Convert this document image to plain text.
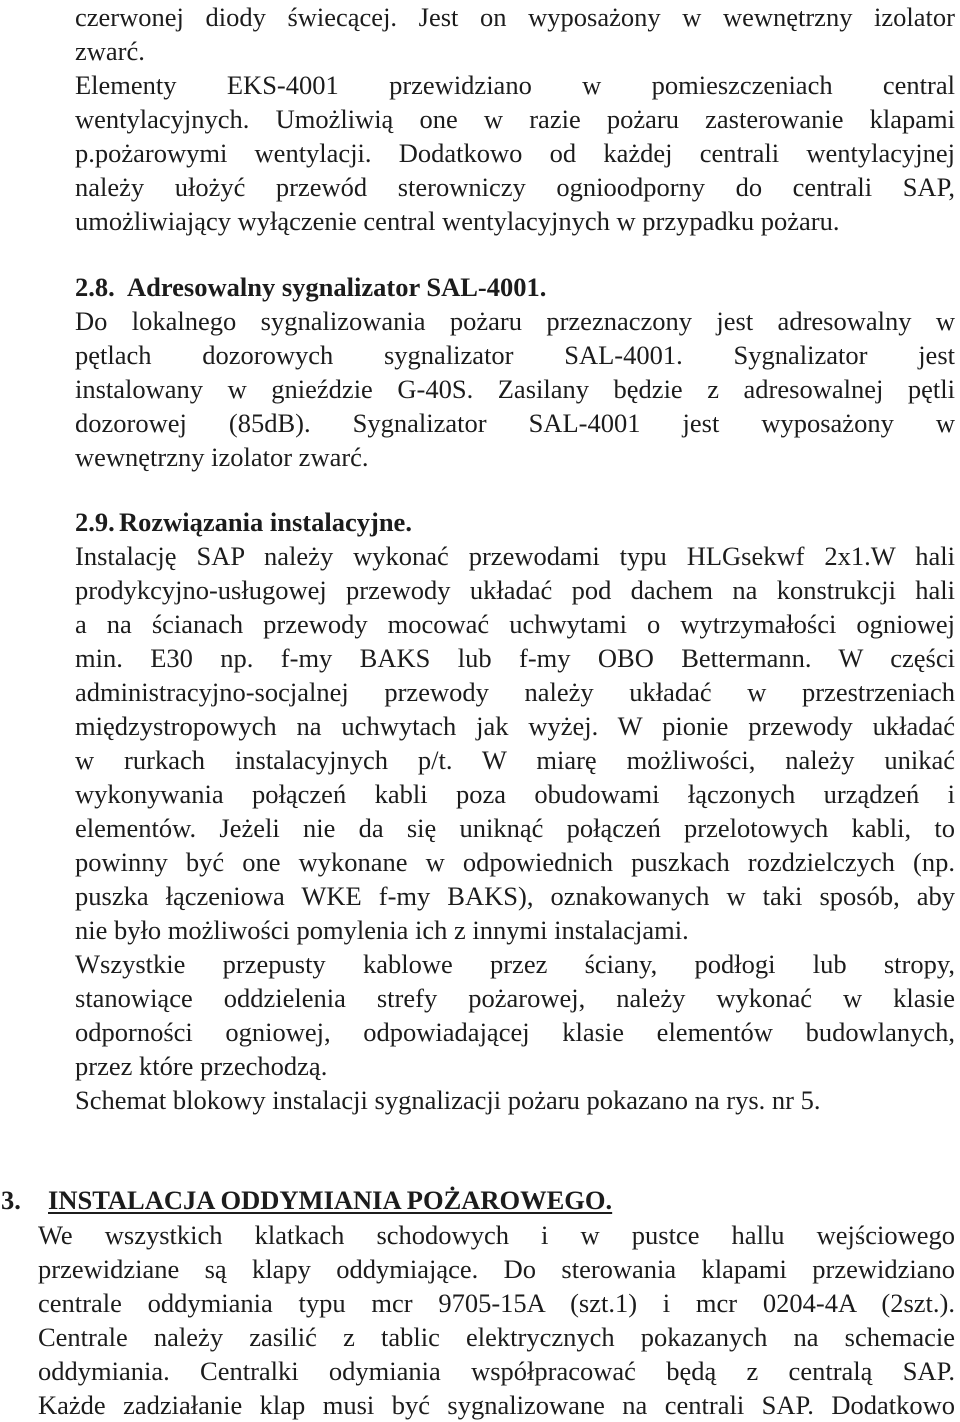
czerwonej diody świecącej. Jest on wyposażony w wewnętrzny izolator
zwarć.
Elementy EKS-4001 przewidziano w pomieszczeniach central
wentylacyjnych. Umożliwią one w razie pożaru zasterowanie klapami
p.pożarowymi wentylacji. Dodatkowo od każdej centrali wentylacyjnej
należy ułożyć przewód sterowniczy ognioodporny do centrali SAP,
umożliwiający wyłączenie central wentylacyjnych w przypadku pożaru.
2.8. Adresowalny sygnalizator SAL-4001.
Do lokalnego sygnalizowania pożaru przeznaczony jest adresowalny w
pętlach dozorowych sygnalizator SAL-4001. Sygnalizator jest
instalowany w gnieździe G-40S. Zasilany będzie z adresowalnej pętli
dozorowej (85dB). Sygnalizator SAL-4001 jest wyposażony w
wewnętrzny izolator zwarć.
2.9. Rozwiązania instalacyjne.
Instalację SAP należy wykonać przewodami typu HLGsekwf 2x1.W hali
prodykcyjno-usługowej przewody układać pod dachem na konstrukcji hali
a na ścianach przewody mocować uchwytami o wytrzymałości ogniowej
min. E30 np. f-my BAKS lub f-my OBO Bettermann. W części
administracyjno-socjalnej przewody należy układać w przestrzeniach
międzystropowych na uchwytach jak wyżej. W pionie przewody układać
w rurkach instalacyjnych p/t. W miarę możliwości, należy unikać
wykonywania połączeń kabli poza obudowami łączonych urządzeń i
elementów. Jeżeli nie da się uniknąć połączeń przelotowych kabli, to
powinny być one wykonane w odpowiednich puszkach rozdzielczych (np.
puszka łączeniowa WKE f-my BAKS), oznakowanych w taki sposób, aby
nie było możliwości pomylenia ich z innymi instalacjami.
Wszystkie przepusty kablowe przez ściany, podłogi lub stropy,
stanowiące oddzielenia strefy pożarowej, należy wykonać w klasie
odporności ogniowej, odpowiadającej klasie elementów budowlanych,
przez które przechodzą.
Schemat blokowy instalacji sygnalizacji pożaru pokazano na rys. nr 5.
3. INSTALACJA ODDYMIANIA POŻAROWEGO.
We wszystkich klatkach schodowych i w pustce hallu wejściowego
przewidziane są klapy oddymiające. Do sterowania klapami przewidziano
centrale oddymiania typu mcr 9705-15A (szt.1) i mcr 0204-4A (2szt.).
Centrale należy zasilić z tablic elektrycznych pokazanych na schemacie
oddymiania. Centralki odymiania współpracować będą z centralą SAP.
Każde zadziałanie klap musi być sygnalizowane na centrali SAP. Dodatkowo
